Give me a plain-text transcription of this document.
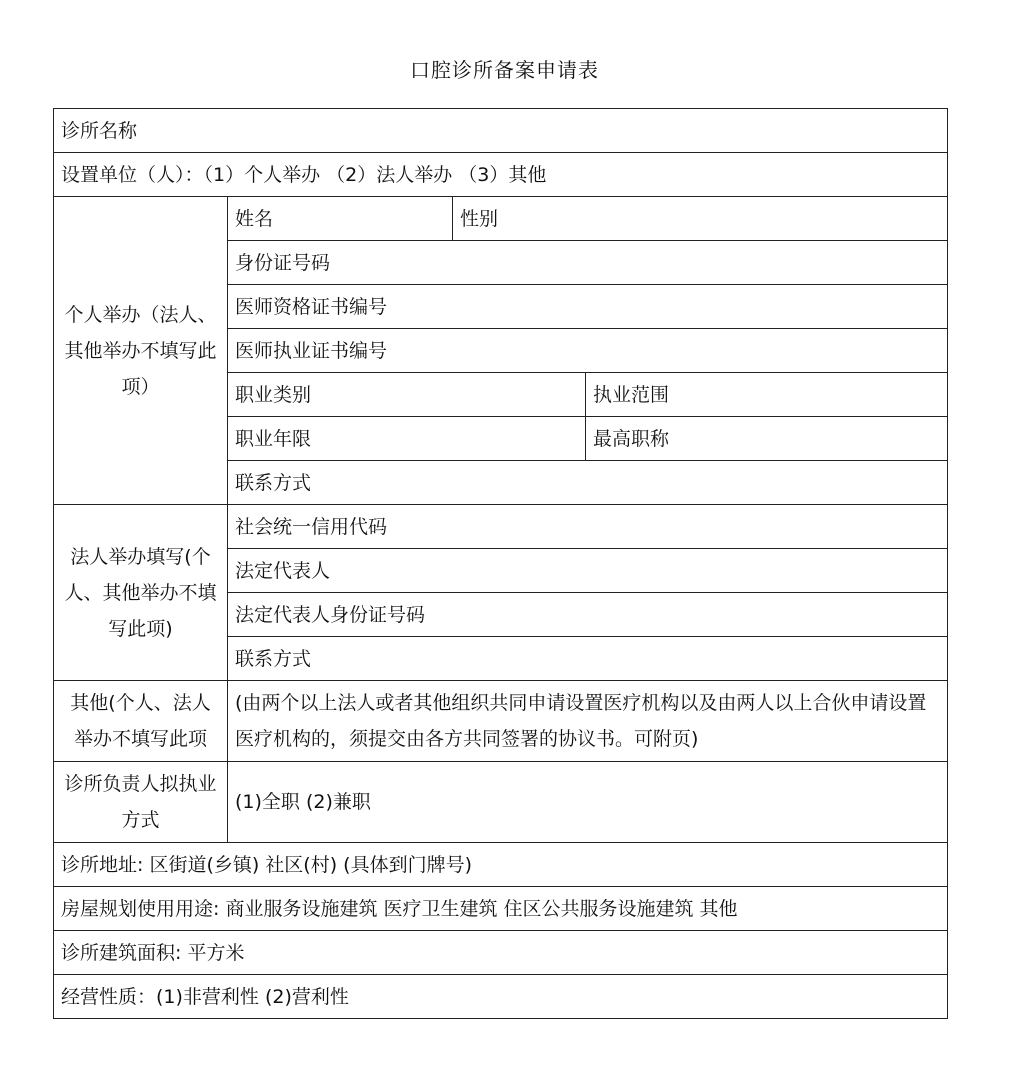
口腔诊所备案申请表
诊所名称			
设置单位（人）：（1）个人举办 （2）法人举办 （3）其他			
个人举办（法人、其他举办不填写此项）	姓名	性别	
	身份证号码		
	医师资格证书编号		
	医师执业证书编号		
	职业类别		执业范围
	职业年限		最高职称
	联系方式		
法人举办填写(个人、其他举办不填写此项)	社会统一信用代码		
	法定代表人		
	法定代表人身份证号码		
	联系方式		
其他(个人、法人举办不填写此项	(由两个以上法人或者其他组织共同申请设置医疗机构以及由两人以上合伙申请设置医疗机构的，须提交由各方共同签署的协议书。可附页)		
诊所负责人拟执业方式	(1)全职 (2)兼职		
诊所地址: 区街道(乡镇) 社区(村) (具体到门牌号)			
房屋规划使用用途: 商业服务设施建筑 医疗卫生建筑 住区公共服务设施建筑 其他			
诊所建筑面积: 平方米			
经营性质：(1)非营利性 (2)营利性			
